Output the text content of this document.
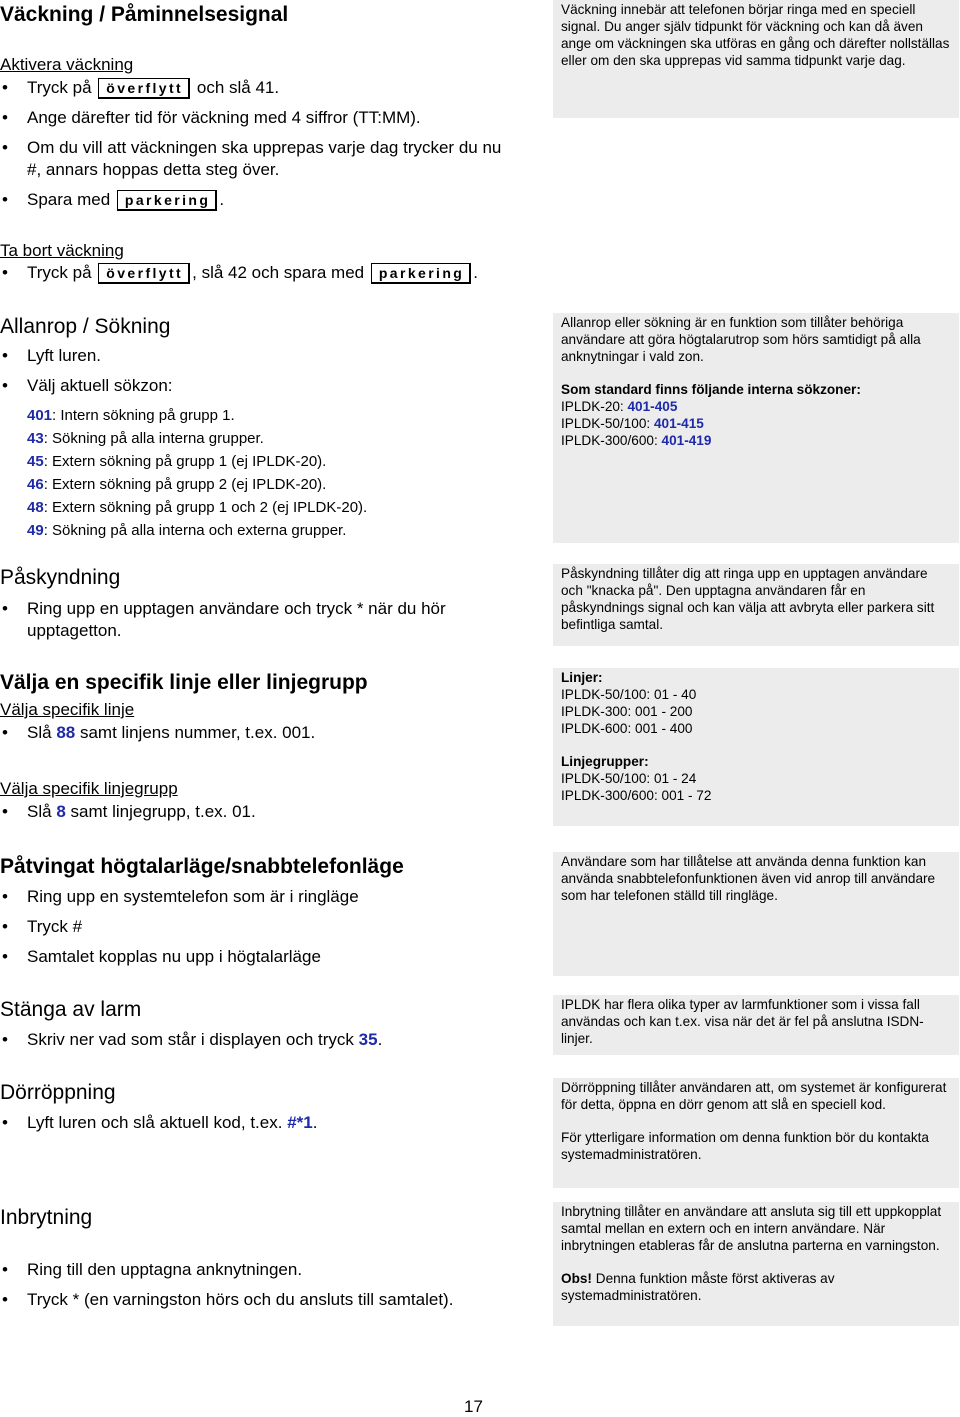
Väckning / Påminnelsesignal
Aktivera väckning
• Tryck på överflytt och slå 41.
• Ange därefter tid för väckning med 4 siffror (TT:MM).
• Om du vill att väckningen ska upprepas varje dag trycker du nu
#, annars hoppas detta steg över.
• Spara med parkering .
Ta bort väckning
• Tryck på överflytt , slå 42 och spara med parkering .

Väckning innebär att telefonen börjar ringa med en speciell signal. Du anger själv tidpunkt för väckning och kan då även ange om väckningen ska utföras en gång och därefter nollställas eller om den ska upprepas vid samma tidpunkt varje dag.

Allanrop / Sökning
• Lyft luren.
• Välj aktuell sökzon:
401: Intern sökning på grupp 1.
43: Sökning på alla interna grupper.
45: Extern sökning på grupp 1 (ej IPLDK-20).
46: Extern sökning på grupp 2 (ej IPLDK-20).
48: Extern sökning på grupp 1 och 2 (ej IPLDK-20).
49: Sökning på alla interna och externa grupper.

Allanrop eller sökning är en funktion som tillåter behöriga användare att göra högtalarutrop som hörs samtidigt på alla anknytningar i vald zon.

Som standard finns följande interna sökzoner:

IPLDK-20: 401-405

IPLDK-50/100: 401-415

IPLDK-300/600: 401-419

Påskyndning
• Ring upp en upptagen användare och tryck * när du hör
upptagetton.

Påskyndning tillåter dig att ringa upp en upptagen användare och "knacka på". Den upptagna användaren får en påskyndnings signal och kan välja att avbryta eller parkera sitt befintliga samtal.

Välja en specifik linje eller linjegrupp
Välja specifik linje
• Slå 88 samt linjens nummer, t.ex. 001.
Välja specifik linjegrupp
• Slå 8 samt linjegrupp, t.ex. 01.

Linjer:

IPLDK-50/100: 01 - 40

IPLDK-300: 001 - 200

IPLDK-600: 001 - 400

Linjegrupper:

IPLDK-50/100: 01 - 24

IPLDK-300/600: 001 - 72

Påtvingat högtalarläge/snabbtelefonläge
• Ring upp en systemtelefon som är i ringläge
• Tryck #
• Samtalet kopplas nu upp i högtalarläge

Användare som har tillåtelse att använda denna funktion kan använda snabbtelefonfunktionen även vid anrop till användare som har telefonen ställd till ringläge.

Stänga av larm
• Skriv ner vad som står i displayen och tryck 35.

IPLDK har flera olika typer av larmfunktioner som i vissa fall användas och kan t.ex. visa när det är fel på anslutna ISDN-linjer.

Dörröppning
• Lyft luren och slå aktuell kod, t.ex. #*1.

Dörröppning tillåter användaren att, om systemet är konfigurerat för detta, öppna en dörr genom att slå en speciell kod.

För ytterligare information om denna funktion bör du kontakta systemadministratören.

Inbrytning
• Ring till den upptagna anknytningen.
• Tryck * (en varningston hörs och du ansluts till samtalet).

Inbrytning tillåter en användare att ansluta sig till ett uppkopplat samtal mellan en extern och en intern användare. När inbrytningen etableras får de anslutna parterna en varningston.

Obs! Denna funktion måste först aktiveras av systemadministratören.

17
